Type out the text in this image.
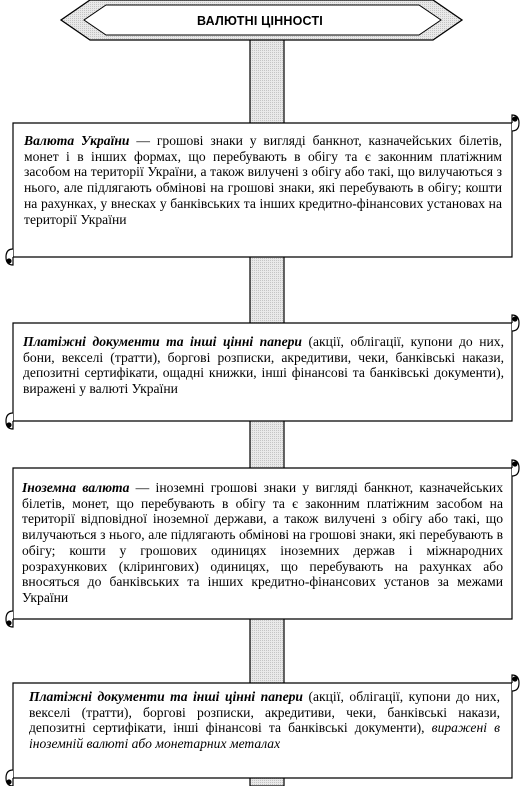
ВАЛЮТНІ ЦІННОСТІ
Валюта України — грошові знаки у вигляді банкнот, казначейських білетів, монет і в інших формах, що перебувають в обігу та є законним платіжним засобом на території України, а також вилучені з обігу або такі, що вилучаються з нього, але підлягають обмінові на грошові знаки, які перебувають в обігу; кошти на рахунках, у внесках у банківських та інших кредитно-фінансових установах на території України
Платіжні документи та інші цінні папери (акції, облігації, купони до них, бони, векселі (тратти), боргові розписки, акредитиви, чеки, банківські накази, депозитні сертифікати, ощадні книжки, інші фінансові та банківські документи), виражені у валюті України
Іноземна валюта — іноземні грошові знаки у вигляді банкнот, казначейських білетів, монет, що перебувають в обігу та є законним платіжним засобом на території відповідної іноземної держави, а також вилучені з обігу або такі, що вилучаються з нього, але підлягають обмінові на грошові знаки, які перебувають в обігу; кошти у грошових одиницях іноземних держав і міжнародних розрахункових (клірингових) одиницях, що перебувають на рахунках або вносяться до банківських та інших кредитно-фінансових установ за межами України
Платіжні документи та інші цінні папери (акції, облігації, купони до них, векселі (тратти), боргові розписки, акредитиви, чеки, банківські накази, депозитні сертифікати, інші фінансові та банківські документи), виражені в іноземній валюті або монетарних металах
